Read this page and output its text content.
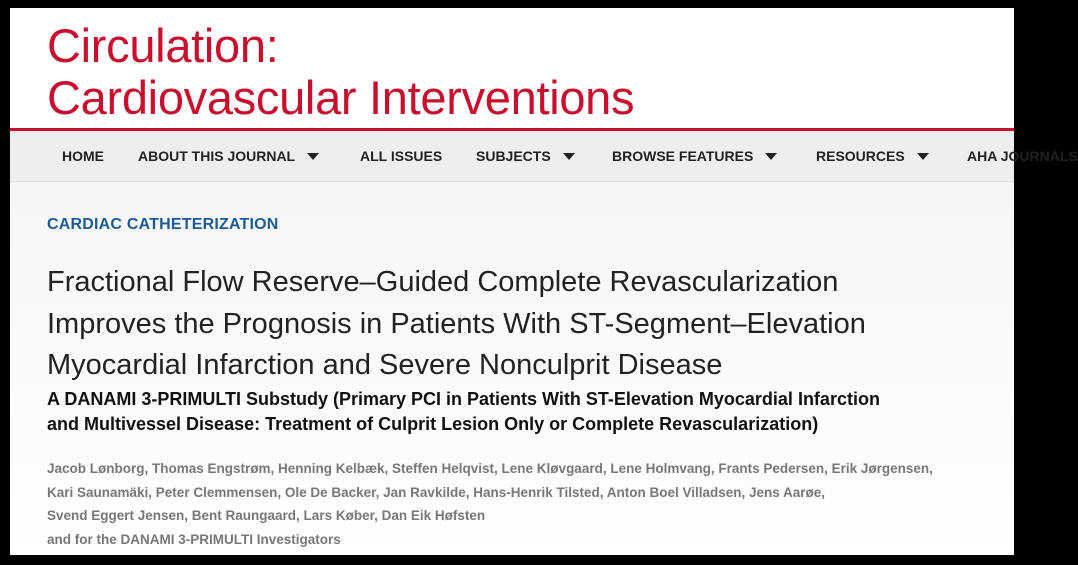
Circulation:
Cardiovascular Interventions
HOME ABOUT THIS JOURNAL	ALL ISSUES SUBJECTS	BROWSE FEATURES	RESOURCES	AHA JOURNALS
CARDIAC CATHETERIZATION
Fractional Flow Reserve–Guided Complete Revascularization
Improves the Prognosis in Patients With ST-Segment–Elevation
Myocardial Infarction and Severe Nonculprit Disease
A DANAMI 3-PRIMULTI Substudy (Primary PCI in Patients With ST-Elevation Myocardial Infarction
and Multivessel Disease: Treatment of Culprit Lesion Only or Complete Revascularization)
Jacob Lønborg, Thomas Engstrøm, Henning Kelbæk, Steffen Helqvist, Lene Kløvgaard, Lene Holmvang, Frants Pedersen, Erik Jørgensen,
Kari Saunamäki, Peter Clemmensen, Ole De Backer, Jan Ravkilde, Hans-Henrik Tilsted, Anton Boel Villadsen, Jens Aarøe,
Svend Eggert Jensen, Bent Raungaard, Lars Køber, Dan Eik Høfsten
and for the DANAMI 3-PRIMULTI Investigators
